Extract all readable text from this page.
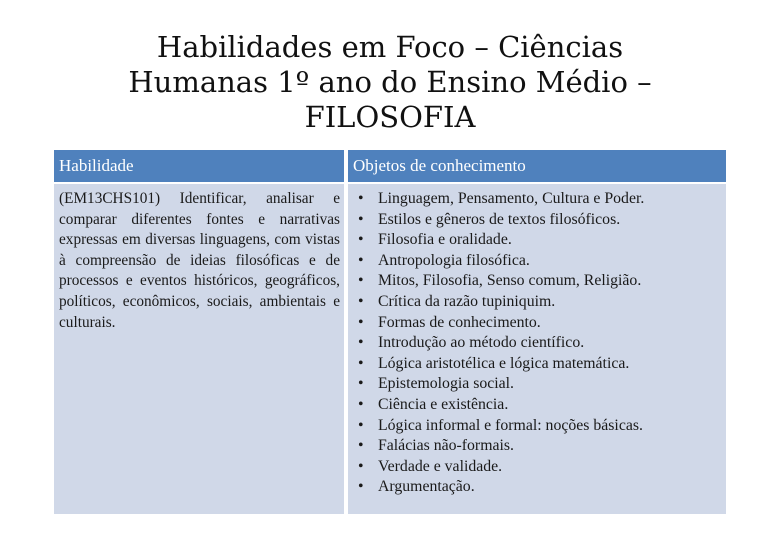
Habilidades em Foco – Ciências
Humanas 1º ano do Ensino Médio –
FILOSOFIA
Habilidade	Objetos de conhecimento
(EM13CHS101) Identificar, analisar e comparar diferentes fontes e narrativas expressas em diversas linguagens, com vistas à compreensão de ideias filosóficas e de processos e eventos históricos, geográficos, políticos, econômicos, sociais, ambientais e culturais.
• Linguagem, Pensamento, Cultura e Poder.
• Estilos e gêneros de textos filosóficos.
• Filosofia e oralidade.
• Antropologia filosófica.
• Mitos, Filosofia, Senso comum, Religião.
• Crítica da razão tupiniquim.
• Formas de conhecimento.
• Introdução ao método científico.
• Lógica aristotélica e lógica matemática.
• Epistemologia social.
• Ciência e existência.
• Lógica informal e formal: noções básicas.
• Falácias não-formais.
• Verdade e validade.
• Argumentação.
